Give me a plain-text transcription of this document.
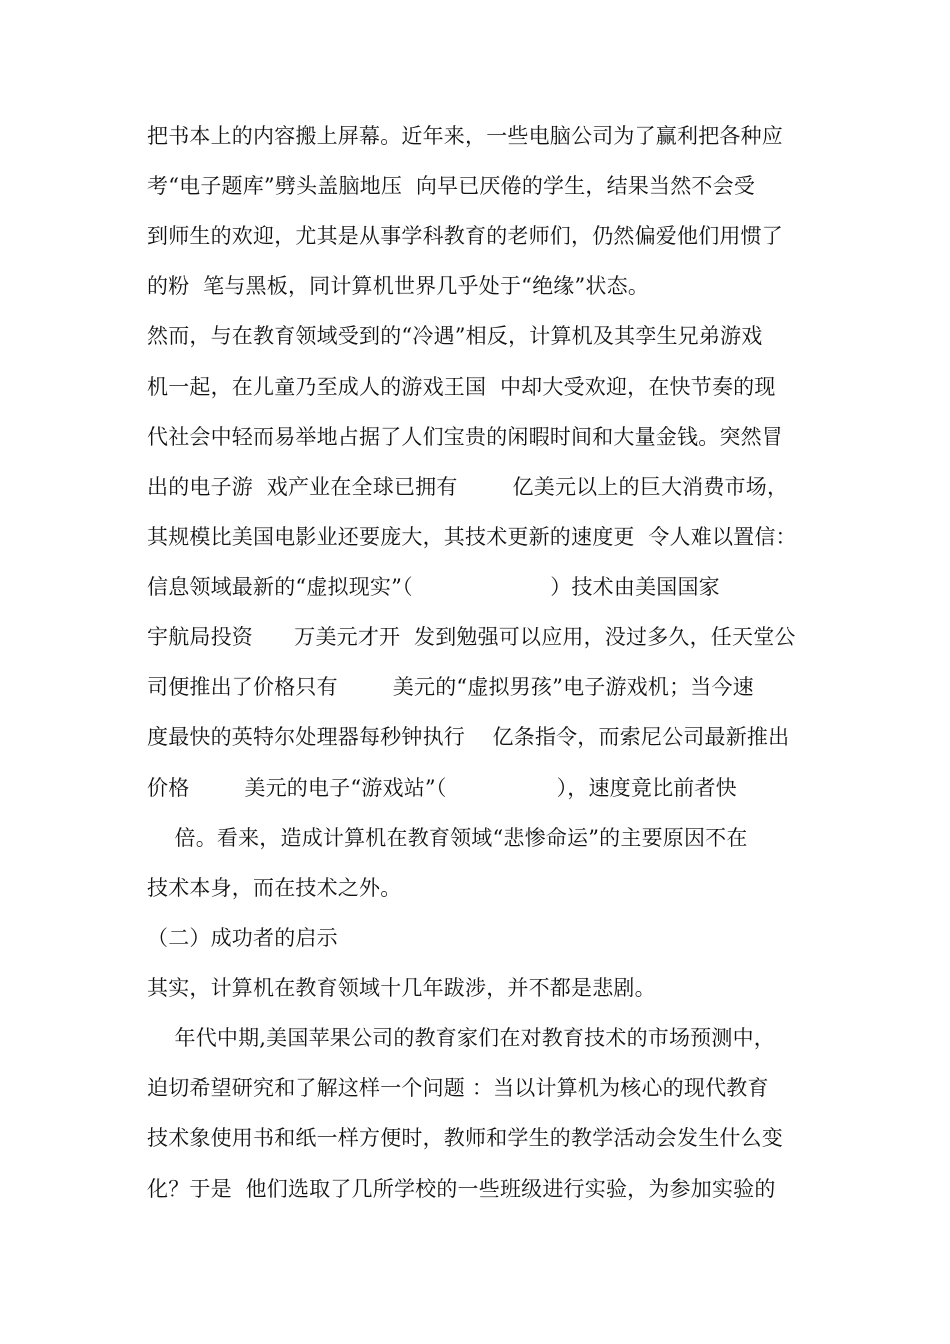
把书本上的内容搬上屏幕。近年来，一些电脑公司为了赢利把各种应
考“电子题库”劈头盖脑地压  向早已厌倦的学生，结果当然不会受
到师生的欢迎，尤其是从事学科教育的老师们，仍然偏爱他们用惯了
的粉  笔与黑板，同计算机世界几乎处于“绝缘”状态。
然而，与在教育领域受到的“冷遇”相反，计算机及其孪生兄弟游戏
机一起，在儿童乃至成人的游戏王国  中却大受欢迎，在快节奏的现
代社会中轻而易举地占据了人们宝贵的闲暇时间和大量金钱。突然冒
出的电子游  戏产业在全球已拥有        亿美元以上的巨大消费市场，
其规模比美国电影业还要庞大，其技术更新的速度更  令人难以置信：
信息领域最新的“虚拟现实”（                    ）技术由美国国家
宇航局投资      万美元才开  发到勉强可以应用，没过多久，任天堂公
司便推出了价格只有        美元的“虚拟男孩”电子游戏机；当今速
度最快的英特尔处理器每秒钟执行    亿条指令，而索尼公司最新推出
价格        美元的电子“游戏站”（                ），速度竟比前者快
倍。看来，造成计算机在教育领域“悲惨命运”的主要原因不在
技术本身，而在技术之外。
（二）成功者的启示
其实，计算机在教育领域十几年跋涉，并不都是悲剧。
年代中期,美国苹果公司的教育家们在对教育技术的市场预测中，
迫切希望研究和了解这样一个问题 ：当以计算机为核心的现代教育
技术象使用书和纸一样方便时，教师和学生的教学活动会发生什么变
化？于是  他们选取了几所学校的一些班级进行实验，为参加实验的
